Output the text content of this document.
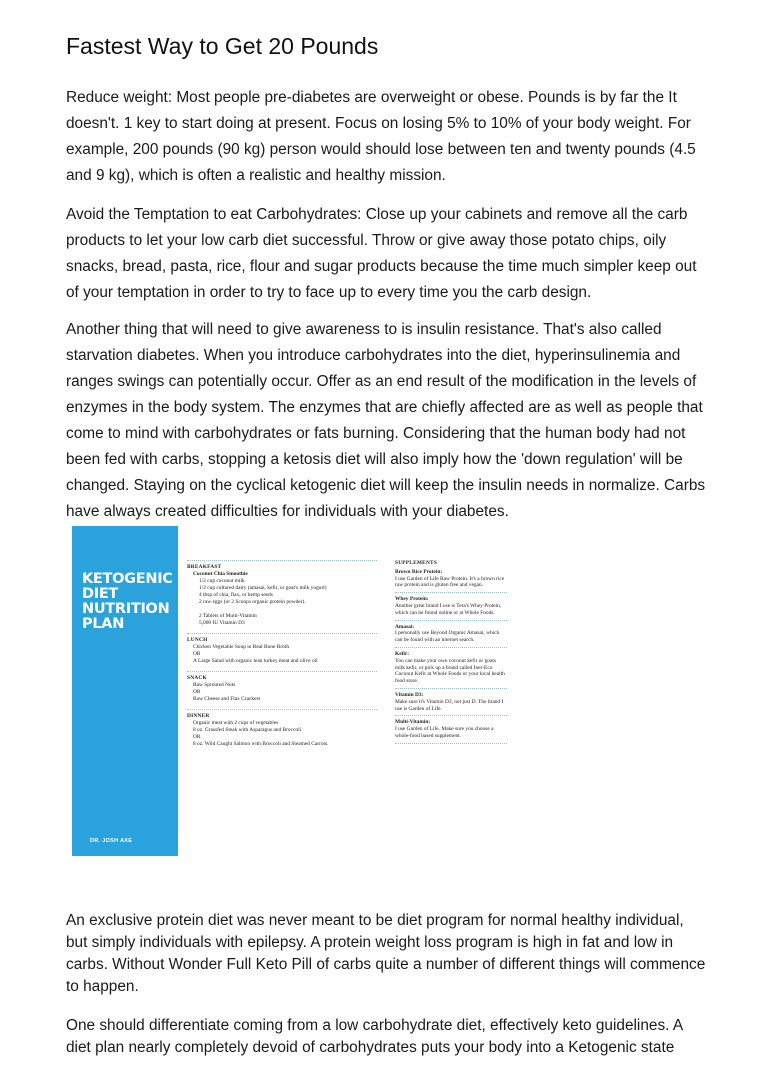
Fastest Way to Get 20 Pounds

Reduce weight: Most people pre-diabetes are overweight or obese. Pounds is by far the It doesn't. 1 key to start doing at present. Focus on losing 5% to 10% of your body weight. For example, 200 pounds (90 kg) person would should lose between ten and twenty pounds (4.5 and 9 kg), which is often a realistic and healthy mission.

Avoid the Temptation to eat Carbohydrates: Close up your cabinets and remove all the carb products to let your low carb diet successful. Throw or give away those potato chips, oily snacks, bread, pasta, rice, flour and sugar products because the time much simpler keep out of your temptation in order to try to face up to every time you the carb design.

Another thing that will need to give awareness to is insulin resistance. That's also called starvation diabetes. When you introduce carbohydrates into the diet, hyperinsulinemia and ranges swings can potentially occur. Offer as an end result of the modification in the levels of enzymes in the body system. The enzymes that are chiefly affected are as well as people that come to mind with carbohydrates or fats burning. Considering that the human body had not been fed with carbs, stopping a ketosis diet will also imply how the 'down regulation' will be changed. Staying on the cyclical ketogenic diet will keep the insulin needs in normalize. Carbs have always created difficulties for individuals with your diabetes.

KETOGENIC
DIET
NUTRITION
PLAN
DR. JOSH AXE
BREAKFAST
Coconut Chia Smoothie
1/2 cup coconut milk
1/2 cup cultured dairy (amasai, kefir, or goat's milk yogurt)
4 tbsp of chia, flax, or hemp seeds
2 raw eggs (or 2 Scoops organic protein powder).

2 Tablets of Multi-Vitamin
5,000 IU Vitamin D3
LUNCH
Chicken Vegetable Soup in Real Bone Broth
OR
A Large Salad with organic lean turkey meat and olive oil
SNACK
Raw Sprouted Nuts
OR
Raw Cheese and Flax Crackers
DINNER
Organic meat with 2 cups of vegetables
8 oz. Grassfed Steak with Asparagus and Broccoli
OR
8 oz. Wild Caught Salmon with Broccoli and Steamed Carrots.
SUPPLEMENTS
Brown Rice Protein:
I use Garden of Life Raw Protein. It's a brown rice raw protein and is gluten free and vegan.
Whey Protein:
Another great brand I use is Tera's Whey Protein, which can be found online or at Whole Foods.
Amasai:
I personally use Beyond Organic Amasai, which can be found with an internet search.
Kefir:
You can make your own coconut kefir or goats milk kefir, or pick up a brand called Iner-Eco Coconut Kefir at Whole Foods or your local health food store.
Vitamin D3:
Make sure it's Vitamin D3, not just D. The brand I use is Garden of Life.
Multi-Vitamin:
I use Garden of Life. Make sure you choose a whole-food based supplement.

An exclusive protein diet was never meant to be diet program for normal healthy individual, but simply individuals with epilepsy. A protein weight loss program is high in fat and low in carbs. Without Wonder Full Keto Pill of carbs quite a number of different things will commence to happen.

One should differentiate coming from a low carbohydrate diet, effectively keto guidelines. A diet plan nearly completely devoid of carbohydrates puts your body into a Ketogenic state
